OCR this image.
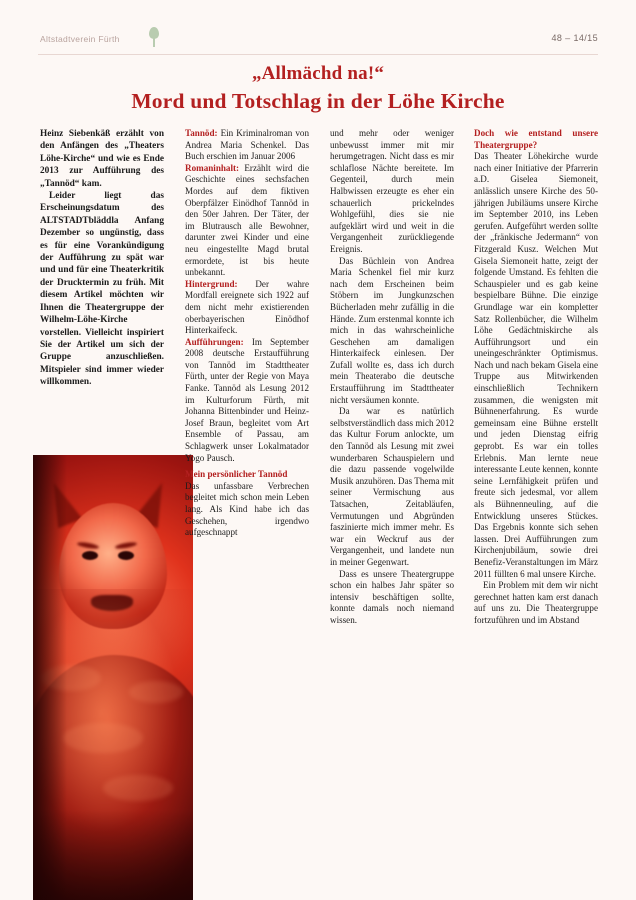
Altstadtverein Fürth	48 – 14/15
„Allmächd na!“
Mord und Totschlag in der Löhe Kirche

Heinz Siebenkäß erzählt von den Anfängen des „Theaters Löhe-Kirche“ und wie es Ende 2013 zur Aufführung des „Tannöd“ kam.

Leider liegt das Erscheinungsdatum des ALTSTADTbläddla Anfang Dezember so ungünstig, dass es für eine Vorankündigung der Aufführung zu spät war und und für eine Theaterkritik der Drucktermin zu früh. Mit diesem Artikel möchten wir Ihnen die Theatergruppe der Wilhelm-Löhe-Kirche vorstellen. Vielleicht inspiriert Sie der Artikel um sich der Gruppe anzuschließen. Mitspieler sind immer wieder willkommen.

Tannöd: Ein Kriminalroman von Andrea Maria Schenkel. Das Buch erschien im Januar 2006

Romaninhalt: Erzählt wird die Geschichte eines sechsfachen Mordes auf dem fiktiven Oberpfälzer Einödhof Tannöd in den 50er Jahren. Der Täter, der im Blutrausch alle Bewohner, darunter zwei Kinder und eine neu eingestellte Magd brutal ermordete, ist bis heute unbekannt.

Hintergrund: Der wahre Mordfall ereignete sich 1922 auf dem nicht mehr existierenden oberbayerischen Einödhof Hinterkaifeck.

Aufführungen: Im September 2008 deutsche Erstaufführung von Tannöd im Stadttheater Fürth, unter der Regie von Maya Fanke. Tannöd als Lesung 2012 im Kulturforum Fürth, mit Johanna Bittenbinder und Heinz-Josef Braun, begleitet vom Art Ensemble of Passau, am Schlagwerk unser Lokalmatador Yogo Pausch.

Mein persönlicher Tannöd

Das unfassbare Verbrechen begleitet mich schon mein Leben lang. Als Kind habe ich das Geschehen, irgendwo aufgeschnappt

und mehr oder weniger unbewusst immer mit mir herumgetragen. Nicht dass es mir schlaflose Nächte bereitete. Im Gegenteil, durch mein Halbwissen erzeugte es eher ein schauerlich prickelndes Wohlgefühl, dies sie nie aufgeklärt wird und weit in die Vergangenheit zurückliegende Ereignis.

Das Büchlein von Andrea Maria Schenkel fiel mir kurz nach dem Erscheinen beim Stöbern im Jungkunzschen Bücherladen mehr zufällig in die Hände. Zum erstenmal konnte ich mich in das wahrscheinliche Geschehen am damaligen Hinterkaifeck einlesen. Der Zufall wollte es, dass ich durch mein Theaterabo die deutsche Erstaufführung im Stadttheater nicht versäumen konnte.

Da war es natürlich selbstverständlich dass mich 2012 das Kultur Forum anlockte, um den Tannöd als Lesung mit zwei wunderbaren Schauspielern und die dazu passende vogelwilde Musik anzuhören. Das Thema mit seiner Vermischung aus Tatsachen, Zeitabläufen, Vermutungen und Abgründen faszinierte mich immer mehr. Es war ein Weckruf aus der Vergangenheit, und landete nun in meiner Gegenwart.

Dass es unsere Theatergruppe schon ein halbes Jahr später so intensiv beschäftigen sollte, konnte damals noch niemand wissen.

Doch wie entstand unsere Theatergruppe?

Das Theater Löhekirche wurde nach einer Initiative der Pfarrerin a.D. Giselea Siemoneit, anlässlich unsere Kirche des 50-jährigen Jubiläums unsere Kirche im September 2010, ins Leben gerufen. Aufgeführt werden sollte der „fränkische Jedermann“ von Fitzgerald Kusz. Welchen Mut Gisela Siemoneit hatte, zeigt der folgende Umstand. Es fehlten die Schauspieler und es gab keine bespielbare Bühne. Die einzige Grundlage war ein kompletter Satz Rollenbücher, die Wilhelm Löhe Gedächtniskirche als Aufführungsort und ein uneingeschränkter Optimismus. Nach und nach bekam Gisela eine Truppe aus Mitwirkenden einschließlich Technikern zusammen, die wenigsten mit Bühnenerfahrung. Es wurde gemeinsam eine Bühne erstellt und jeden Dienstag eifrig geprobt. Es war ein tolles Erlebnis. Man lernte neue interessante Leute kennen, konnte seine Lernfähigkeit prüfen und freute sich jedesmal, vor allem als Bühnenneuling, auf die Entwicklung unseres Stückes. Das Ergebnis konnte sich sehen lassen. Drei Aufführungen zum Kirchenjubiläum, sowie drei Benefiz-Veranstaltungen im März 2011 füllten 6 mal unsere Kirche.

Ein Problem mit dem wir nicht gerechnet hatten kam erst danach auf uns zu. Die Theatergruppe fortzuführen und im Abstand
